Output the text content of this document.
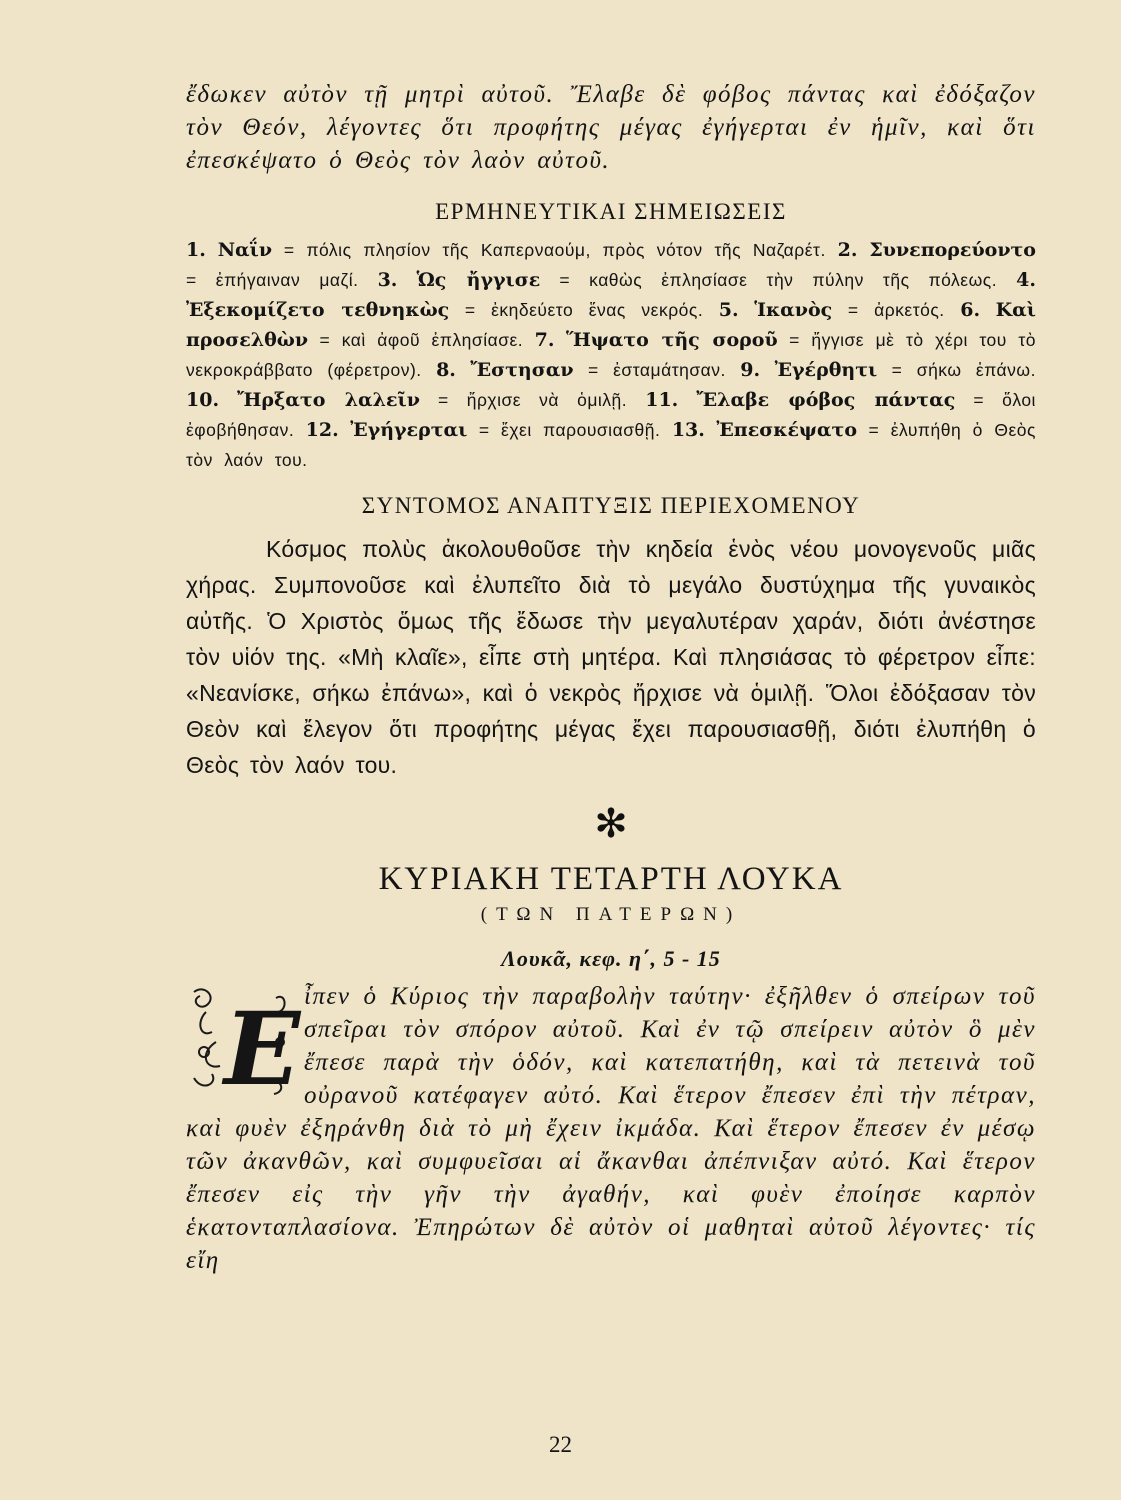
ἔδωκεν αὐτὸν τῇ μητρὶ αὐτοῦ. Ἔλαβε δὲ φόβος πάντας καὶ ἐδόξαζον τὸν Θεόν, λέγοντες ὅτι προφήτης μέγας ἐγήγερται ἐν ἡμῖν, καὶ ὅτι ἐπεσκέψατο ὁ Θεὸς τὸν λαὸν αὐτοῦ.
ΕΡΜΗΝΕΥΤΙΚΑΙ ΣΗΜΕΙΩΣΕΙΣ
1. Ναΐν = πόλις πλησίον τῆς Καπερναούμ, πρὸς νότον τῆς Ναζαρέτ. 2. Συνεπορεύοντο = ἐπήγαιναν μαζί. 3. Ὡς ἤγγισε = καθὼς ἐπλησίασε τὴν πύλην τῆς πόλεως. 4. Ἐξεκομίζετο τεθνηκὼς = ἐκηδεύετο ἕνας νεκρός. 5. Ἱκανὸς = ἀρκετός. 6. Καὶ προσελθὼν = καὶ ἀφοῦ ἐπλησίασε. 7. Ἥψατο τῆς σοροῦ = ἤγγισε μὲ τὸ χέρι του τὸ νεκροκράββατο (φέρετρον). 8. Ἔστησαν = ἐσταμάτησαν. 9. Ἐγέρθητι = σήκω ἐπάνω. 10. Ἤρξατο λαλεῖν = ἤρχισε νὰ ὁμιλῇ. 11. Ἔλαβε φόβος πάντας = ὅλοι ἐφοβήθησαν. 12. Ἐγήγερται = ἔχει παρουσιασθῇ. 13. Ἐπεσκέψατο = ἐλυπήθη ὁ Θεὸς τὸν λαόν του.
ΣΥΝΤΟΜΟΣ ΑΝΑΠΤΥΞΙΣ ΠΕΡΙΕΧΟΜΕΝΟΥ
Κόσμος πολὺς ἀκολουθοῦσε τὴν κηδεία ἑνὸς νέου μονογενοῦς μιᾶς χήρας. Συμπονοῦσε καὶ ἐλυπεῖτο διὰ τὸ μεγάλο δυστύχημα τῆς γυναικὸς αὐτῆς. Ὁ Χριστὸς ὅμως τῆς ἔδωσε τὴν μεγαλυτέραν χαράν, διότι ἀνέστησε τὸν υἱόν της. «Μὴ κλαῖε», εἶπε στὴ μητέρα. Καὶ πλησιάσας τὸ φέρετρον εἶπε: «Νεανίσκε, σήκω ἐπάνω», καὶ ὁ νεκρὸς ἤρχισε νὰ ὁμιλῇ. Ὅλοι ἐδόξασαν τὸν Θεὸν καὶ ἔλεγον ὅτι προφήτης μέγας ἔχει παρουσιασθῇ, διότι ἐλυπήθη ὁ Θεὸς τὸν λαόν του.
✻
ΚΥΡΙΑΚΗ ΤΕΤΑΡΤΗ ΛΟΥΚΑ
(ΤΩΝ ΠΑΤΕΡΩΝ)
Λουκᾶ, κεφ. η΄, 5 - 15
Ε ἶπεν ὁ Κύριος τὴν παραβολὴν ταύτην· ἐξῆλθεν ὁ σπείρων τοῦ σπεῖραι τὸν σπόρον αὐτοῦ. Καὶ ἐν τῷ σπείρειν αὐτὸν ὃ μὲν ἔπεσε παρὰ τὴν ὁδόν, καὶ κατεπατήθη, καὶ τὰ πετεινὰ τοῦ οὐρανοῦ κατέφαγεν αὐτό. Καὶ ἕτερον ἔπεσεν ἐπὶ τὴν πέτραν, καὶ φυὲν ἐξηράνθη διὰ τὸ μὴ ἔχειν ἰκμάδα. Καὶ ἕτερον ἔπεσεν ἐν μέσῳ τῶν ἀκανθῶν, καὶ συμφυεῖσαι αἱ ἄκανθαι ἀπέπνιξαν αὐτό. Καὶ ἕτερον ἔπεσεν εἰς τὴν γῆν τὴν ἀγαθήν, καὶ φυὲν ἐποίησε καρπὸν ἑκατονταπλασίονα. Ἐπηρώτων δὲ αὐτὸν οἱ μαθηταὶ αὐτοῦ λέγοντες· τίς εἴη
22
